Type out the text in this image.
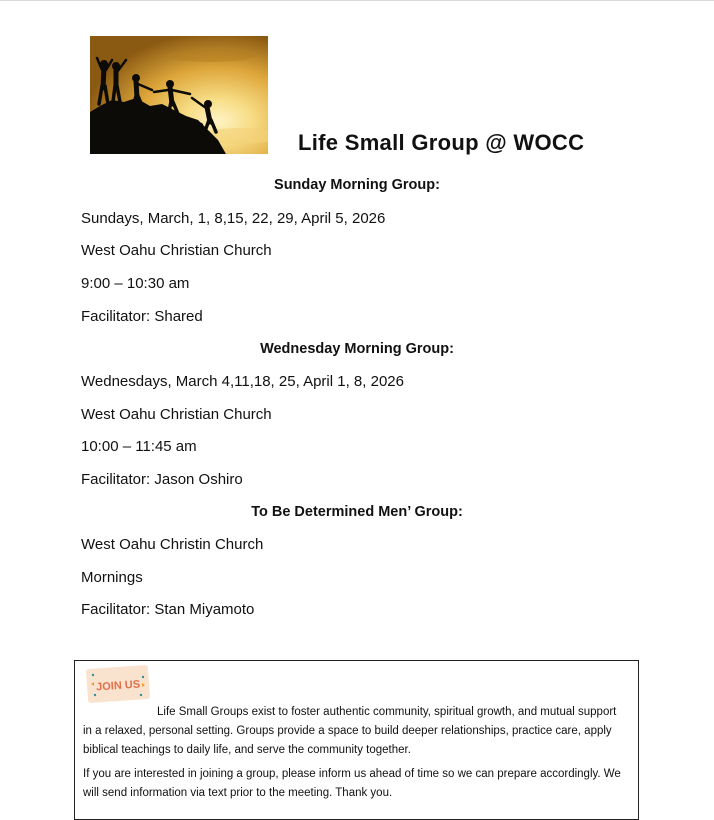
Life Small Group @ WOCC
Sunday Morning Group:
Sundays, March, 1, 8,15, 22, 29, April 5, 2026
West Oahu Christian Church
9:00 – 10:30 am
Facilitator: Shared
Wednesday Morning Group:
Wednesdays, March 4,11,18, 25, April 1, 8, 2026
West Oahu Christian Church
10:00 – 11:45 am
Facilitator: Jason Oshiro
To Be Determined Men’ Group:
West Oahu Christin Church
Mornings
Facilitator: Stan Miyamoto
JOIN US

Life Small Groups exist to foster authentic community, spiritual growth, and mutual support in a relaxed, personal setting. Groups provide a space to build deeper relationships, practice care, apply biblical teachings to daily life, and serve the community together.

If you are interested in joining a group, please inform us ahead of time so we can prepare accordingly. We will send information via text prior to the meeting. Thank you.
